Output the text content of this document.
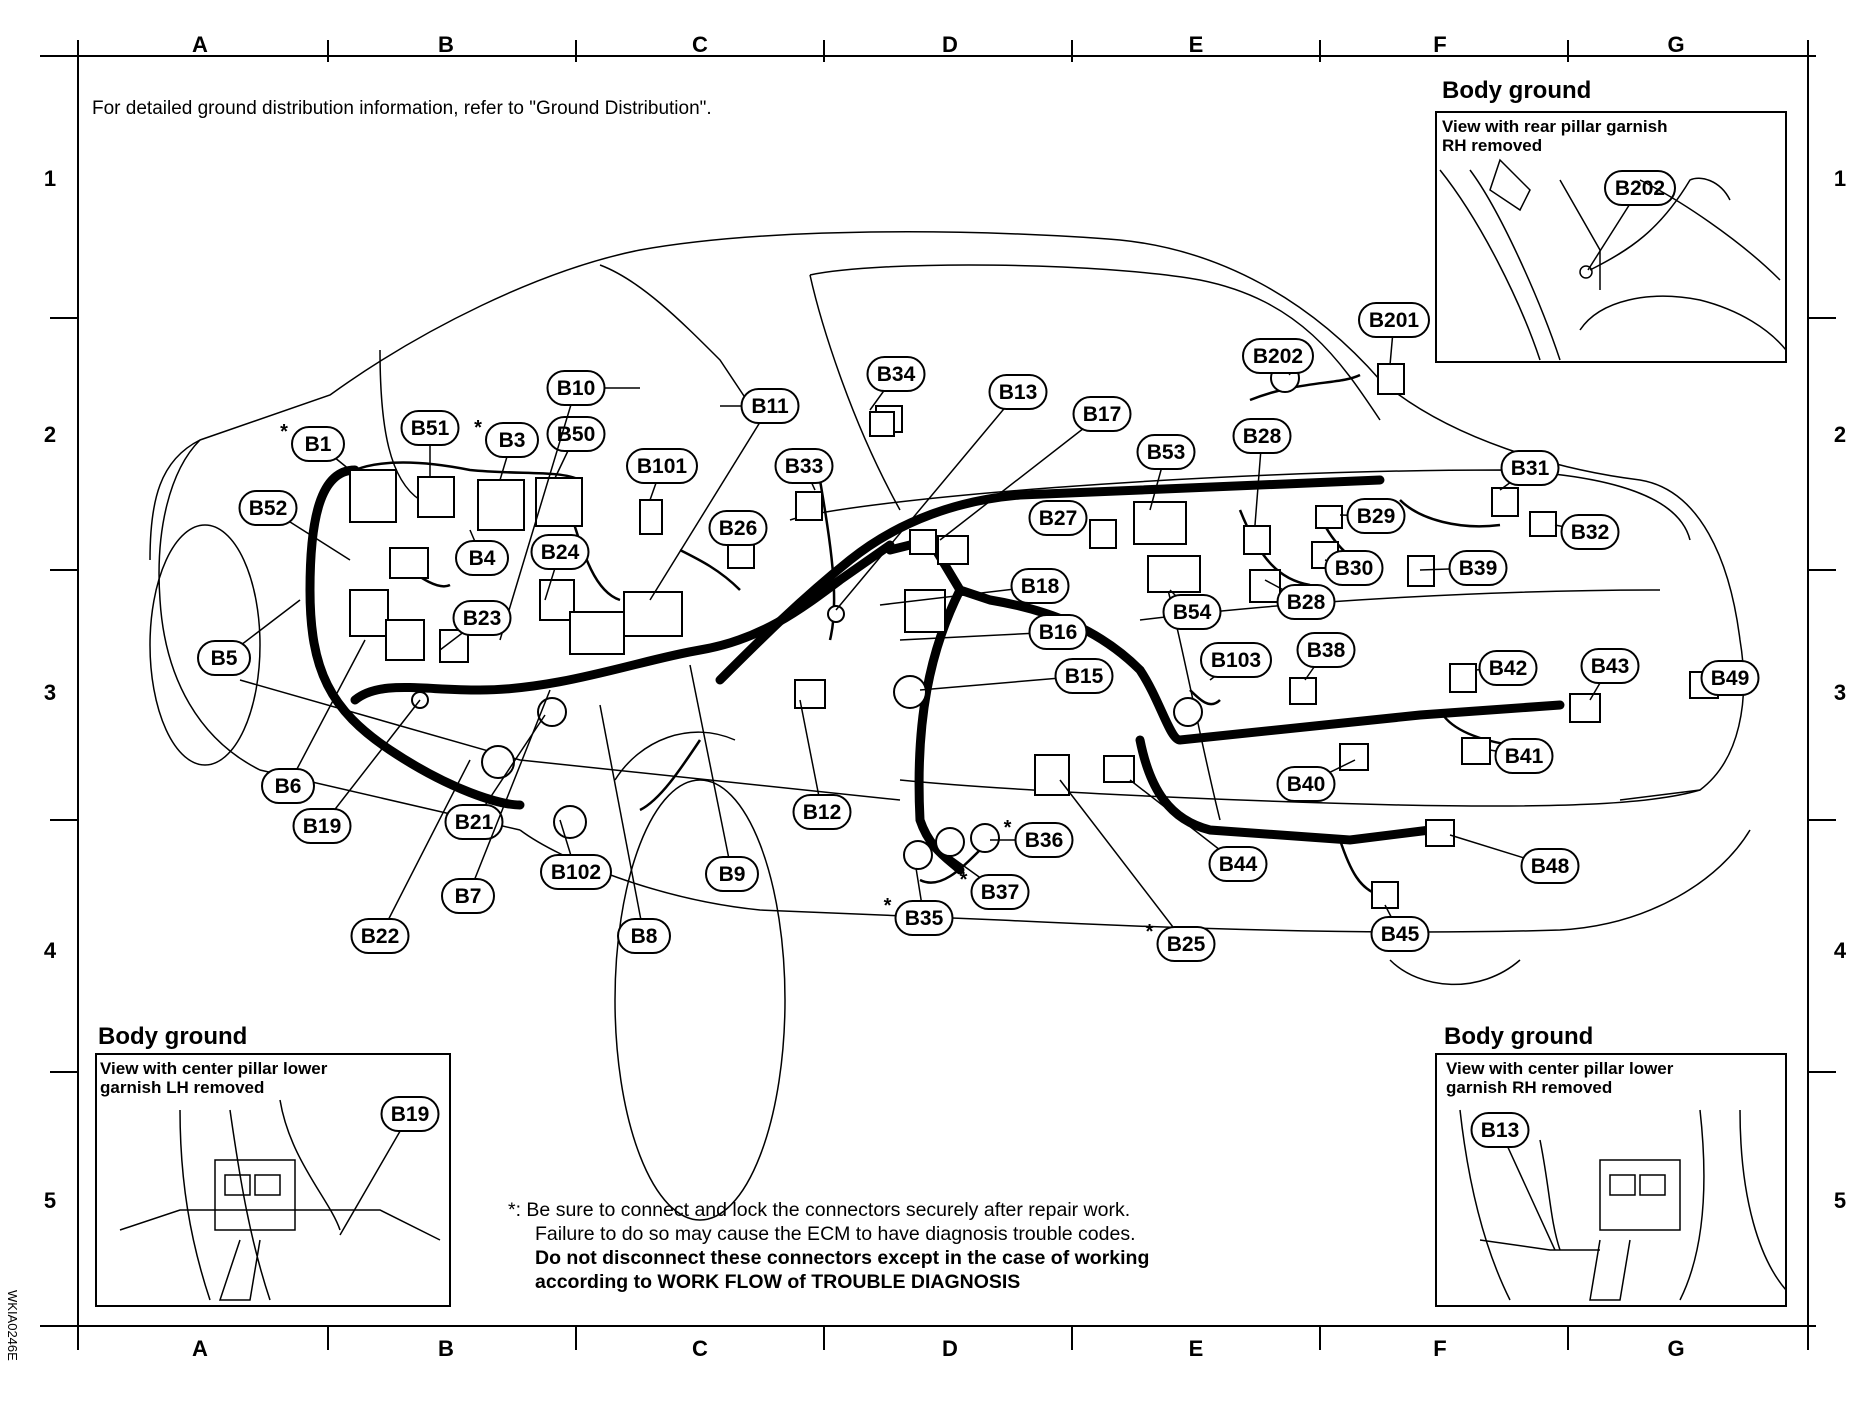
A
A
B
B
C
C
D
D
E
E
F
F
G
G
1	1
2	2
3	3
4	4
5	5
B1
*	B51
B3
*	B50
B10
B11
B101
B34
B13
B17
B52
B4 B24
B33
B26
B23
B5
B6
B19	B21
B22
B7
B102
B8
B9
B12
B18
B16
B15
B27
B35
*
B36
*
B37
*
B25
*
B44
B53
B54
B28
B28
B29
B30
B202
B201
B31
B32
B39
B103 B38
B40
B42	B43
B41
B49
B48
B45
B202
B19
B13
For detailed ground distribution information, refer to "Ground Distribution".
Body ground
View with rear pillar garnish
RH removed
Body ground
View with center pillar lower
garnish LH removed
Body ground
View with center pillar lower
garnish RH removed
*: Be sure to connect and lock the connectors securely after repair work.
Failure to do so may cause the ECM to have diagnosis trouble codes.
Do not disconnect these connectors except in the case of working
according to WORK FLOW of TROUBLE DIAGNOSIS
WKIA0246E
